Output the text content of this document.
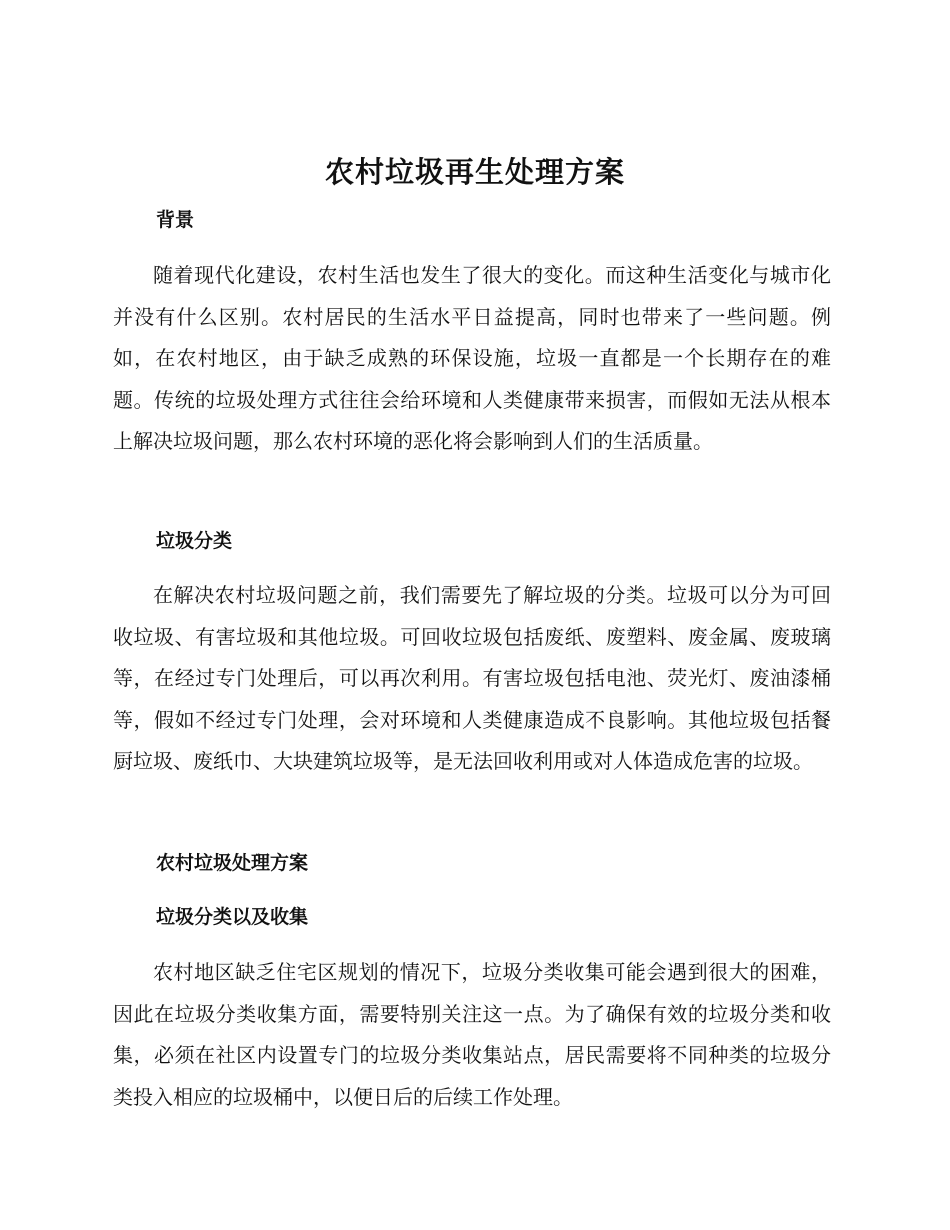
农村垃圾再生处理方案
背景

随着现代化建设，农村生活也发生了很大的变化。而这种生活变化与城市化并没有什么区别。农村居民的生活水平日益提高，同时也带来了一些问题。例如，在农村地区，由于缺乏成熟的环保设施，垃圾一直都是一个长期存在的难题。传统的垃圾处理方式往往会给环境和人类健康带来损害，而假如无法从根本上解决垃圾问题，那么农村环境的恶化将会影响到人们的生活质量。

垃圾分类

在解决农村垃圾问题之前，我们需要先了解垃圾的分类。垃圾可以分为可回收垃圾、有害垃圾和其他垃圾。可回收垃圾包括废纸、废塑料、废金属、废玻璃等，在经过专门处理后，可以再次利用。有害垃圾包括电池、荧光灯、废油漆桶等，假如不经过专门处理，会对环境和人类健康造成不良影响。其他垃圾包括餐厨垃圾、废纸巾、大块建筑垃圾等，是无法回收利用或对人体造成危害的垃圾。

农村垃圾处理方案
垃圾分类以及收集

农村地区缺乏住宅区规划的情况下，垃圾分类收集可能会遇到很大的困难，因此在垃圾分类收集方面，需要特别关注这一点。为了确保有效的垃圾分类和收集，必须在社区内设置专门的垃圾分类收集站点，居民需要将不同种类的垃圾分类投入相应的垃圾桶中，以便日后的后续工作处理。
